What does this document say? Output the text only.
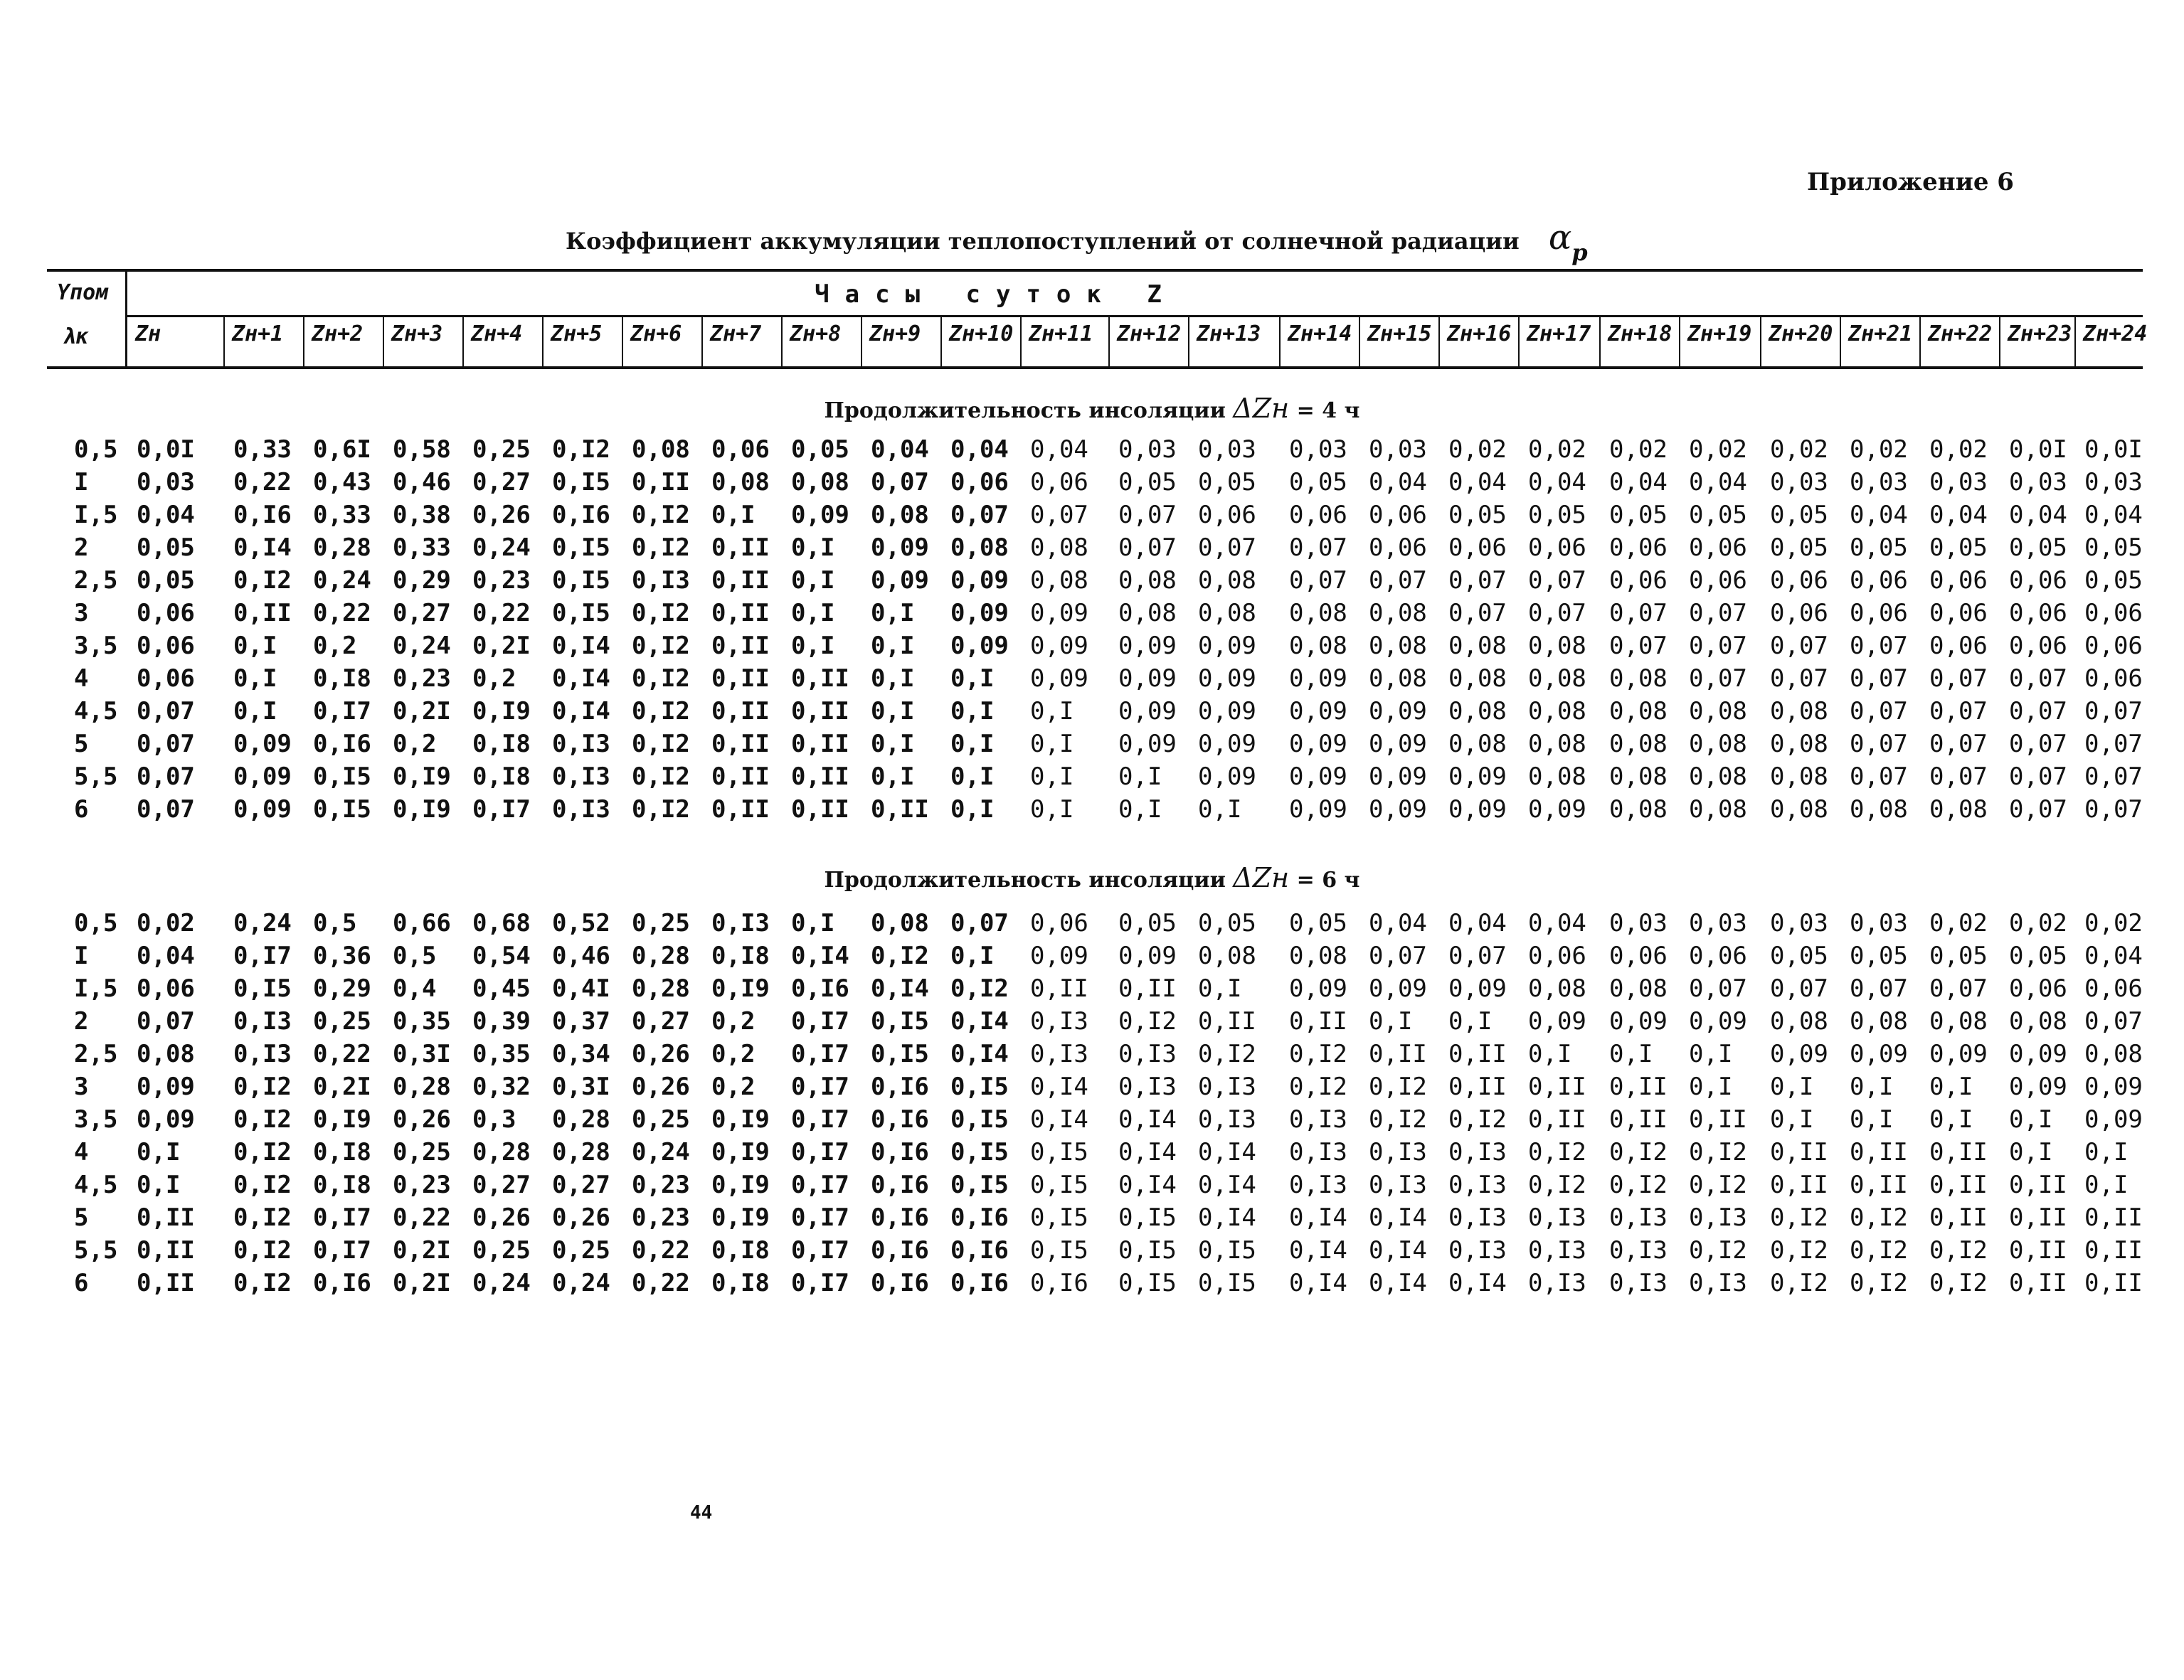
Приложение 6
Коэффициент аккумуляции теплопоступлений от солнечной радиации αр
Yпом
λк
Часы суток Z
Zн	Zн+1	Zн+2	Zн+3	Zн+4	Zн+5	Zн+6	Zн+7	Zн+8	Zн+9	Zн+10 Zн+11	Zн+12 Zн+13	Zн+14 Zн+15 Zн+16 Zн+17 Zн+18 Zн+19 Zн+20 Zн+21 Zн+22 Zн+23 Zн+24
Продолжительность инсоляции ΔZн = 4 ч
0,5 0,0I 0,33 0,6I 0,58 0,25 0,I2 0,08 0,06 0,05 0,04 0,04 0,04 0,03 0,03 0,03 0,03 0,02 0,02 0,02 0,02 0,02 0,02 0,02 0,0I 0,0I
I	0,03 0,22 0,43 0,46 0,27 0,I5 0,II 0,08 0,08 0,07 0,06 0,06 0,05 0,05 0,05 0,04 0,04 0,04 0,04 0,04 0,03 0,03 0,03 0,03 0,03
I,5 0,04 0,I6 0,33 0,38 0,26 0,I6 0,I2 0,I 0,09 0,08 0,07 0,07 0,07 0,06 0,06 0,06 0,05 0,05 0,05 0,05 0,05 0,04 0,04 0,04 0,04
2	0,05 0,I4 0,28 0,33 0,24 0,I5 0,I2 0,II 0,I 0,09 0,08 0,08 0,07 0,07 0,07 0,06 0,06 0,06 0,06 0,06 0,05 0,05 0,05 0,05 0,05
2,5 0,05 0,I2 0,24 0,29 0,23 0,I5 0,I3 0,II 0,I 0,09 0,09 0,08 0,08 0,08 0,07 0,07 0,07 0,07 0,06 0,06 0,06 0,06 0,06 0,06 0,05
3	0,06 0,II 0,22 0,27 0,22 0,I5 0,I2 0,II 0,I 0,I 0,09 0,09 0,08 0,08 0,08 0,08 0,07 0,07 0,07 0,07 0,06 0,06 0,06 0,06 0,06
3,5 0,06 0,I 0,2 0,24 0,2I 0,I4 0,I2 0,II 0,I 0,I 0,09 0,09 0,09 0,09 0,08 0,08 0,08 0,08 0,07 0,07 0,07 0,07 0,06 0,06 0,06
4	0,06 0,I 0,I8 0,23 0,2 0,I4 0,I2 0,II 0,II 0,I 0,I 0,09 0,09 0,09 0,09 0,08 0,08 0,08 0,08 0,07 0,07 0,07 0,07 0,07 0,06
4,5 0,07 0,I 0,I7 0,2I 0,I9 0,I4 0,I2 0,II 0,II 0,I 0,I 0,I 0,09 0,09 0,09 0,09 0,08 0,08 0,08 0,08 0,08 0,07 0,07 0,07 0,07
5	0,07 0,09 0,I6 0,2 0,I8 0,I3 0,I2 0,II 0,II 0,I 0,I 0,I 0,09 0,09 0,09 0,09 0,08 0,08 0,08 0,08 0,08 0,07 0,07 0,07 0,07
5,5 0,07 0,09 0,I5 0,I9 0,I8 0,I3 0,I2 0,II 0,II 0,I 0,I 0,I 0,I 0,09 0,09 0,09 0,09 0,08 0,08 0,08 0,08 0,07 0,07 0,07 0,07
6	0,07 0,09 0,I5 0,I9 0,I7 0,I3 0,I2 0,II 0,II 0,II 0,I 0,I 0,I 0,I 0,09 0,09 0,09 0,09 0,08 0,08 0,08 0,08 0,08 0,07 0,07
Продолжительность инсоляции ΔZн = 6 ч
0,5 0,02 0,24 0,5 0,66 0,68 0,52 0,25 0,I3 0,I 0,08 0,07 0,06 0,05 0,05 0,05 0,04 0,04 0,04 0,03 0,03 0,03 0,03 0,02 0,02 0,02
I	0,04 0,I7 0,36 0,5 0,54 0,46 0,28 0,I8 0,I4 0,I2 0,I 0,09 0,09 0,08 0,08 0,07 0,07 0,06 0,06 0,06 0,05 0,05 0,05 0,05 0,04
I,5 0,06 0,I5 0,29 0,4 0,45 0,4I 0,28 0,I9 0,I6 0,I4 0,I2 0,II 0,II 0,I 0,09 0,09 0,09 0,08 0,08 0,07 0,07 0,07 0,07 0,06 0,06
2	0,07 0,I3 0,25 0,35 0,39 0,37 0,27 0,2 0,I7 0,I5 0,I4 0,I3 0,I2 0,II 0,II 0,I 0,I 0,09 0,09 0,09 0,08 0,08 0,08 0,08 0,07
2,5 0,08 0,I3 0,22 0,3I 0,35 0,34 0,26 0,2 0,I7 0,I5 0,I4 0,I3 0,I3 0,I2 0,I2 0,II 0,II 0,I 0,I 0,I 0,09 0,09 0,09 0,09 0,08
3	0,09 0,I2 0,2I 0,28 0,32 0,3I 0,26 0,2 0,I7 0,I6 0,I5 0,I4 0,I3 0,I3 0,I2 0,I2 0,II 0,II 0,II 0,I 0,I 0,I 0,I 0,09 0,09
3,5 0,09 0,I2 0,I9 0,26 0,3 0,28 0,25 0,I9 0,I7 0,I6 0,I5 0,I4 0,I4 0,I3 0,I3 0,I2 0,I2 0,II 0,II 0,II 0,I 0,I 0,I 0,I 0,09
4	0,I 0,I2 0,I8 0,25 0,28 0,28 0,24 0,I9 0,I7 0,I6 0,I5 0,I5 0,I4 0,I4 0,I3 0,I3 0,I3 0,I2 0,I2 0,I2 0,II 0,II 0,II 0,I 0,I
4,5 0,I 0,I2 0,I8 0,23 0,27 0,27 0,23 0,I9 0,I7 0,I6 0,I5 0,I5 0,I4 0,I4 0,I3 0,I3 0,I3 0,I2 0,I2 0,I2 0,II 0,II 0,II 0,II 0,I
5	0,II 0,I2 0,I7 0,22 0,26 0,26 0,23 0,I9 0,I7 0,I6 0,I6 0,I5 0,I5 0,I4 0,I4 0,I4 0,I3 0,I3 0,I3 0,I3 0,I2 0,I2 0,II 0,II 0,II
5,5 0,II 0,I2 0,I7 0,2I 0,25 0,25 0,22 0,I8 0,I7 0,I6 0,I6 0,I5 0,I5 0,I5 0,I4 0,I4 0,I3 0,I3 0,I3 0,I2 0,I2 0,I2 0,I2 0,II 0,II
6	0,II 0,I2 0,I6 0,2I 0,24 0,24 0,22 0,I8 0,I7 0,I6 0,I6 0,I6 0,I5 0,I5 0,I4 0,I4 0,I4 0,I3 0,I3 0,I3 0,I2 0,I2 0,I2 0,II 0,II
44
